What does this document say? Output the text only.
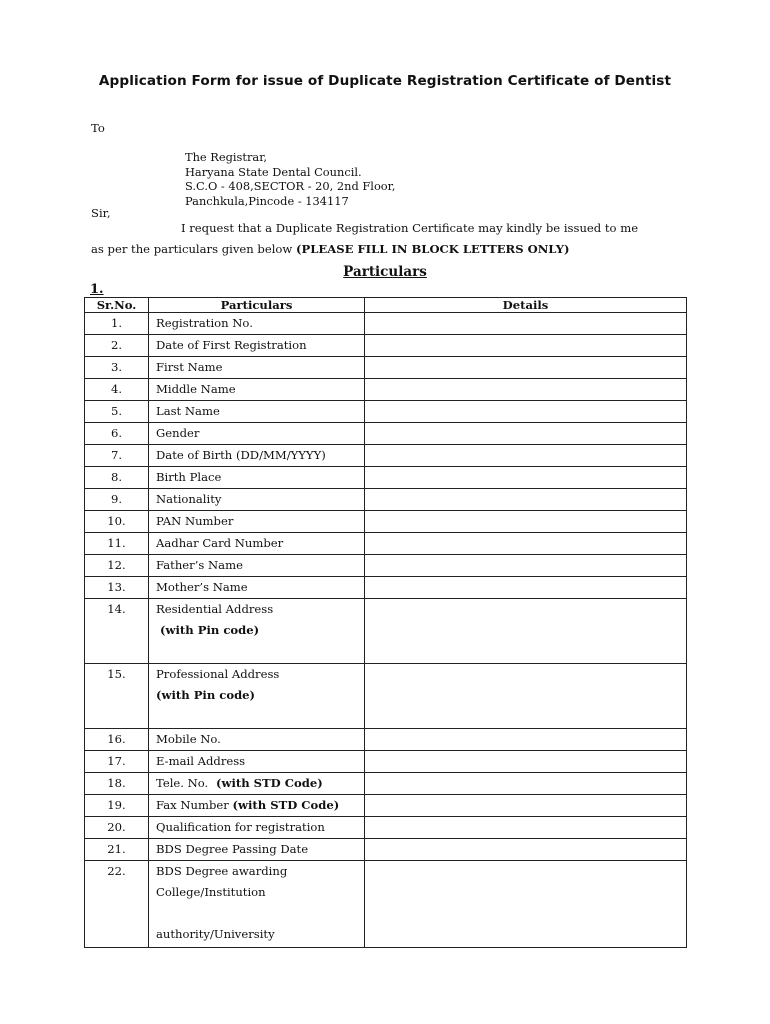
Application Form for issue of Duplicate Registration Certificate of Dentist
To
The Registrar,
Haryana State Dental Council.
S.C.O - 408,SECTOR - 20, 2nd Floor,
Panchkula,Pincode - 134117
Sir,
I request that a Duplicate Registration Certificate may kindly be issued to me
as per the particulars given below (PLEASE FILL IN BLOCK LETTERS ONLY)
Particulars
1.
Sr.No.	Particulars	Details

1.	Registration No.	

2.	Date of First Registration	

3.	First Name	

4.	Middle Name	

5.	Last Name	

6.	Gender	

7.	Date of Birth (DD/MM/YYYY)	

8.	Birth Place	

9.	Nationality	

10.	PAN Number	

11.	Aadhar Card Number	

12.	Father’s Name	

13.	Mother’s Name	

14.	Residential Address
(with Pin code)	

15.	Professional Address
(with Pin code)	

16.	Mobile No.	

17.	E-mail Address	

18.	Tele. No.  (with STD Code)	

19.	Fax Number (with STD Code)	

20.	Qualification for registration	

21.	BDS Degree Passing Date	

22.	BDS Degree awarding
College/Institution

authority/University	
